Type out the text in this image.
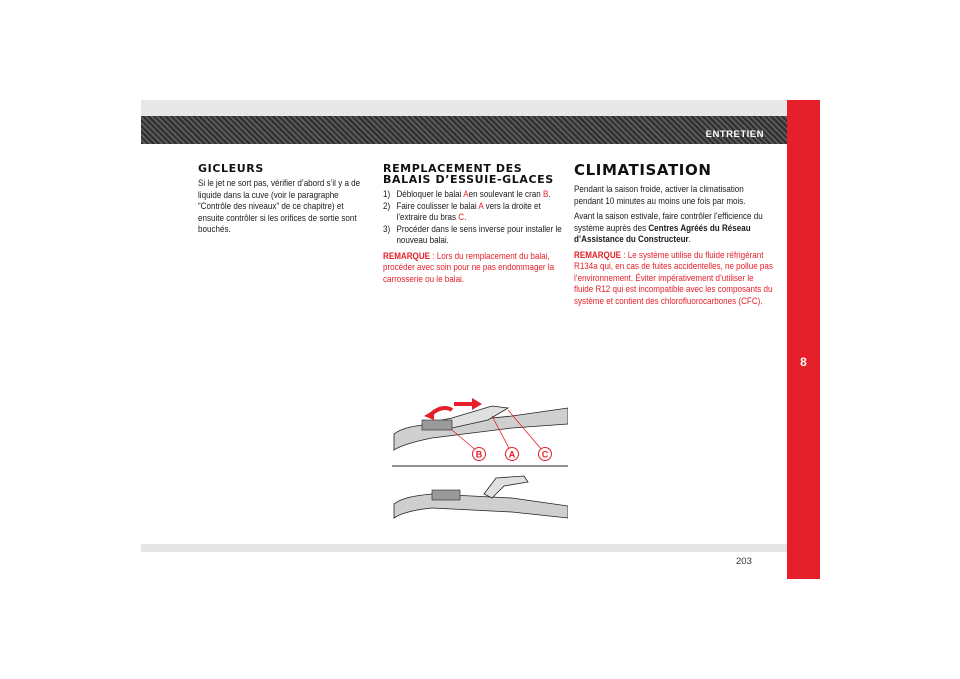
ENTRETIEN
8
203
GICLEURS

Si le jet ne sort pas, vérifier d’abord s’il y a de liquide dans la cuve (voir le paragraphe “Contrôle des niveaux” de ce chapitre) et ensuite contrôler si les orifices de sortie sont bouchés.

REMPLACEMENT DES BALAIS D’ESSUIE-GLACES
1) Débloquer le balai Aen soulevant le cran B.
2) Faire coulisser le balai A vers la droite et l’extraire du bras C.
3) Procéder dans le sens inverse pour installer le nouveau balai.

REMARQUE : Lors du remplacement du balai, procéder avec soin pour ne pas endommager la carrosserie ou le balai.

CLIMATISATION

Pendant la saison froide, activer la climatisation pendant 10 minutes au moins une fois par mois.

Avant la saison estivale, faire contrôler l’efficience du système auprès des Centres Agréés du Réseau d’Assistance du Constructeur.

REMARQUE : Le système utilise du fluide réfrigérant R134a qui, en cas de fuites accidentelles, ne pollue pas l’environnement. Éviter impérativement d’utiliser le fluide R12 qui est incompatible avec les composants du système et contient des chlorofluorocarbones (CFC).

B	A	C
